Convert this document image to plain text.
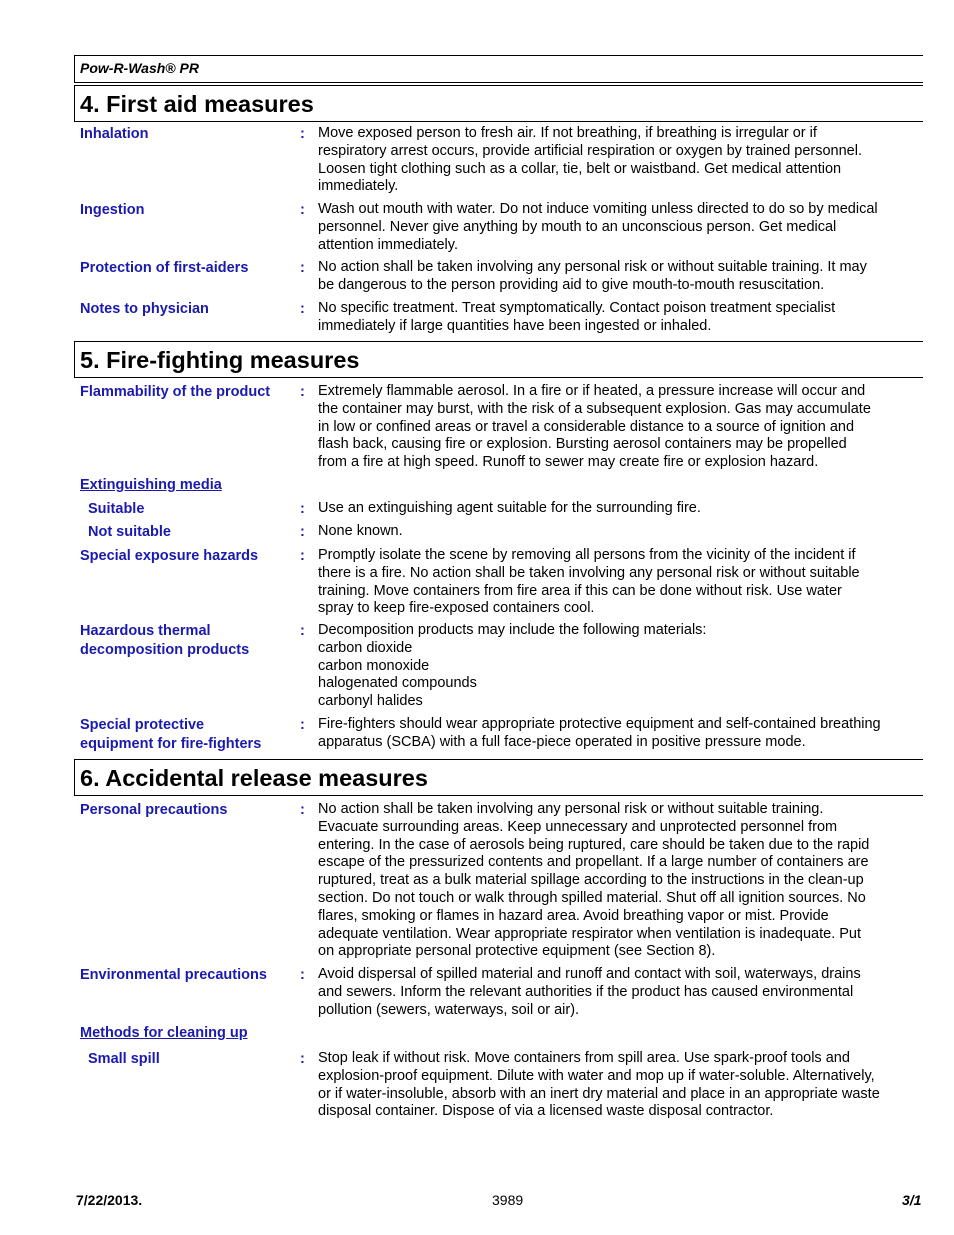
Pow-R-Wash® PR
4. First aid measures
Inhalation	: Move exposed person to fresh air. If not breathing, if breathing is irregular or if
respiratory arrest occurs, provide artificial respiration or oxygen by trained personnel.
Loosen tight clothing such as a collar, tie, belt or waistband. Get medical attention
immediately.
Ingestion	: Wash out mouth with water. Do not induce vomiting unless directed to do so by medical
personnel. Never give anything by mouth to an unconscious person. Get medical
attention immediately.
Protection of first-aiders	: No action shall be taken involving any personal risk or without suitable training. It may
be dangerous to the person providing aid to give mouth-to-mouth resuscitation.
Notes to physician	: No specific treatment. Treat symptomatically. Contact poison treatment specialist
immediately if large quantities have been ingested or inhaled.
5. Fire-fighting measures
Flammability of the product	: Extremely flammable aerosol. In a fire or if heated, a pressure increase will occur and
the container may burst, with the risk of a subsequent explosion. Gas may accumulate
in low or confined areas or travel a considerable distance to a source of ignition and
flash back, causing fire or explosion. Bursting aerosol containers may be propelled
from a fire at high speed. Runoff to sewer may create fire or explosion hazard.
Extinguishing media
Suitable	: Use an extinguishing agent suitable for the surrounding fire.
Not suitable	: None known.
Special exposure hazards	: Promptly isolate the scene by removing all persons from the vicinity of the incident if
there is a fire. No action shall be taken involving any personal risk or without suitable
training. Move containers from fire area if this can be done without risk. Use water
spray to keep fire-exposed containers cool.
Hazardous thermal
decomposition products
: Decomposition products may include the following materials:
carbon dioxide
carbon monoxide
halogenated compounds
carbonyl halides
Special protective
equipment for fire-fighters
: Fire-fighters should wear appropriate protective equipment and self-contained breathing
apparatus (SCBA) with a full face-piece operated in positive pressure mode.
6. Accidental release measures
Personal precautions	: No action shall be taken involving any personal risk or without suitable training.
Evacuate surrounding areas. Keep unnecessary and unprotected personnel from
entering. In the case of aerosols being ruptured, care should be taken due to the rapid
escape of the pressurized contents and propellant. If a large number of containers are
ruptured, treat as a bulk material spillage according to the instructions in the clean-up
section. Do not touch or walk through spilled material. Shut off all ignition sources. No
flares, smoking or flames in hazard area. Avoid breathing vapor or mist. Provide
adequate ventilation. Wear appropriate respirator when ventilation is inadequate. Put
on appropriate personal protective equipment (see Section 8).
Environmental precautions	: Avoid dispersal of spilled material and runoff and contact with soil, waterways, drains
and sewers. Inform the relevant authorities if the product has caused environmental
pollution (sewers, waterways, soil or air).
Methods for cleaning up
Small spill	: Stop leak if without risk. Move containers from spill area. Use spark-proof tools and
explosion-proof equipment. Dilute with water and mop up if water-soluble. Alternatively,
or if water-insoluble, absorb with an inert dry material and place in an appropriate waste
disposal container. Dispose of via a licensed waste disposal contractor.
7/22/2013.	3989	3/1
